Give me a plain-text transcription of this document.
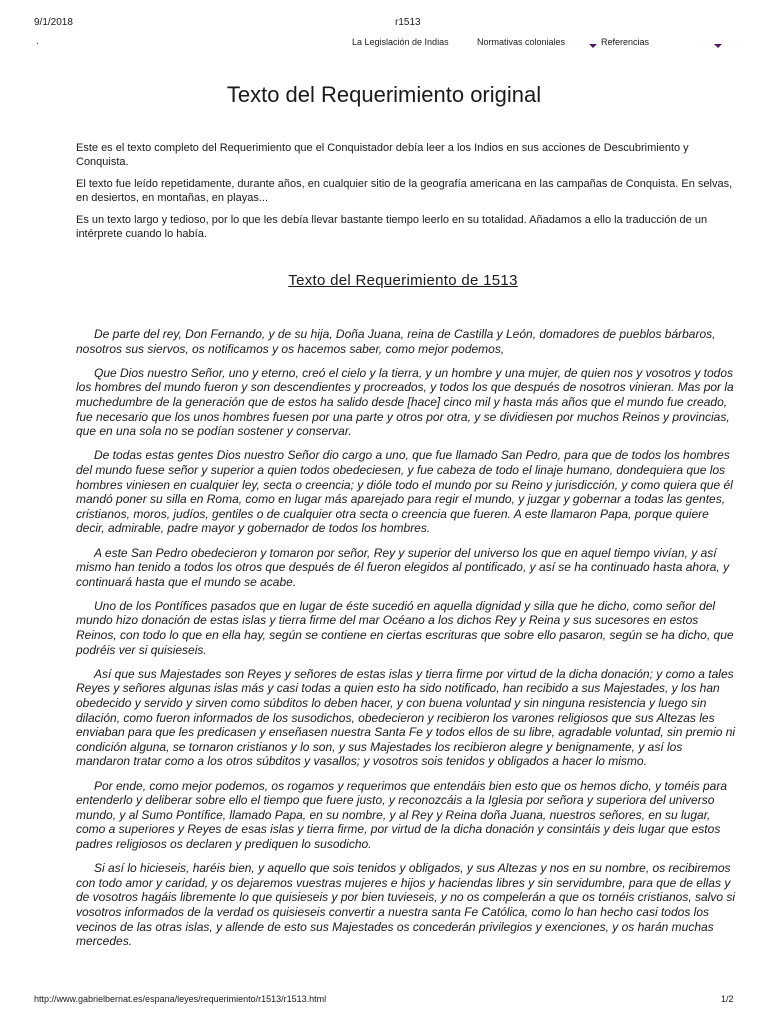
9/1/2018	r1513
.	La Legislación de Indias	Normativas coloniales	Referencias
Texto del Requerimiento original

Este es el texto completo del Requerimiento que el Conquistador debía leer a los Indios en sus acciones de Descubrimiento y Conquista.

El texto fue leído repetidamente, durante años, en cualquier sitio de la geografía americana en las campañas de Conquista. En selvas, en desiertos, en montañas, en playas...

Es un texto largo y tedioso, por lo que les debía llevar bastante tiempo leerlo en su totalidad. Añadamos a ello la traducción de un intérprete cuando lo había.

Texto del Requerimiento de 1513

De parte del rey, Don Fernando, y de su hija, Doña Juana, reina de Castilla y León, domadores de pueblos bárbaros, nosotros sus siervos, os notificamos y os hacemos saber, como mejor podemos,

Que Dios nuestro Señor, uno y eterno, creó el cielo y la tierra, y un hombre y una mujer, de quien nos y vosotros y todos los hombres del mundo fueron y son descendientes y procreados, y todos los que después de nosotros vinieran. Mas por la muchedumbre de la generación que de estos ha salido desde [hace] cinco mil y hasta más años que el mundo fue creado, fue necesario que los unos hombres fuesen por una parte y otros por otra, y se dividiesen por muchos Reinos y provincias, que en una sola no se podían sostener y conservar.

De todas estas gentes Dios nuestro Señor dio cargo a uno, que fue llamado San Pedro, para que de todos los hombres del mundo fuese señor y superior a quien todos obedeciesen, y fue cabeza de todo el linaje humano, dondequiera que los hombres viniesen en cualquier ley, secta o creencia; y dióle todo el mundo por su Reino y jurisdicción, y como quiera que él mandó poner su silla en Roma, como en lugar más aparejado para regir el mundo, y juzgar y gobernar a todas las gentes, cristianos, moros, judíos, gentiles o de cualquier otra secta o creencia que fueren. A este llamaron Papa, porque quiere decir, admirable, padre mayor y gobernador de todos los hombres.

A este San Pedro obedecieron y tomaron por señor, Rey y superior del universo los que en aquel tiempo vivían, y así mismo han tenido a todos los otros que después de él fueron elegidos al pontificado, y así se ha continuado hasta ahora, y continuará hasta que el mundo se acabe.

Uno de los Pontífices pasados que en lugar de éste sucedió en aquella dignidad y silla que he dicho, como señor del mundo hizo donación de estas islas y tierra firme del mar Océano a los dichos Rey y Reina y sus sucesores en estos Reinos, con todo lo que en ella hay, según se contiene en ciertas escrituras que sobre ello pasaron, según se ha dicho, que podréis ver si quisieseis.

Así que sus Majestades son Reyes y señores de estas islas y tierra firme por virtud de la dicha donación; y como a tales Reyes y señores algunas islas más y casi todas a quien esto ha sido notificado, han recibido a sus Majestades, y los han obedecido y servido y sirven como súbditos lo deben hacer, y con buena voluntad y sin ninguna resistencia y luego sin dilación, como fueron informados de los susodichos, obedecieron y recibieron los varones religiosos que sus Altezas les enviaban para que les predicasen y enseñasen nuestra Santa Fe y todos ellos de su libre, agradable voluntad, sin premio ni condición alguna, se tornaron cristianos y lo son, y sus Majestades los recibieron alegre y benignamente, y así los mandaron tratar como a los otros súbditos y vasallos; y vosotros sois tenidos y obligados a hacer lo mismo.

Por ende, como mejor podemos, os rogamos y requerimos que entendáis bien esto que os hemos dicho, y toméis para entenderlo y deliberar sobre ello el tiempo que fuere justo, y reconozcáis a la Iglesia por señora y superiora del universo mundo, y al Sumo Pontífice, llamado Papa, en su nombre, y al Rey y Reina doña Juana, nuestros señores, en su lugar, como a superiores y Reyes de esas islas y tierra firme, por virtud de la dicha donación y consintáis y deis lugar que estos padres religiosos os declaren y prediquen lo susodicho.

Si así lo hicieseis, haréis bien, y aquello que sois tenidos y obligados, y sus Altezas y nos en su nombre, os recibiremos con todo amor y caridad, y os dejaremos vuestras mujeres e hijos y haciendas libres y sin servidumbre, para que de ellas y de vosotros hagáis libremente lo que quisieseis y por bien tuvieseis, y no os compelerán a que os tornéis cristianos, salvo si vosotros informados de la verdad os quisieseis convertir a nuestra santa Fe Católica, como lo han hecho casi todos los vecinos de las otras islas, y allende de esto sus Majestades os concederán privilegios y exenciones, y os harán muchas mercedes.

http://www.gabrielbernat.es/espana/leyes/requerimiento/r1513/r1513.html	1/2
